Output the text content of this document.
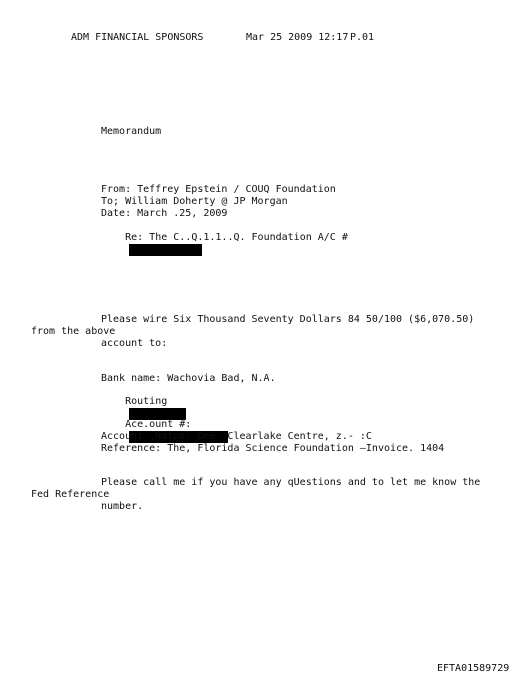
ADM FINANCIAL SPONSORS	Mar 25 2009 12:17 P.01
Memorandum
From: Teffrey Epstein / COUQ Foundation
To; William Doherty @ JP Morgan
Date: March .25, 2009

Re: The C..Q.1.1..Q. Foundation A/C #

Please wire Six Thousand Seventy Dollars 84 50/100 ($6,070.50)
from the above
account to:
Bank name: Wachovia Bad, N.A.

Routing

Ace.ount #:

Account ,Natne: One. Clearlake Centre, z.- :C
Reference: The, Florida Science Foundation —Invoice. 1404
Please call me if you have any qUestions and to let me know the
Fed Reference
number.
EFTA01589729
